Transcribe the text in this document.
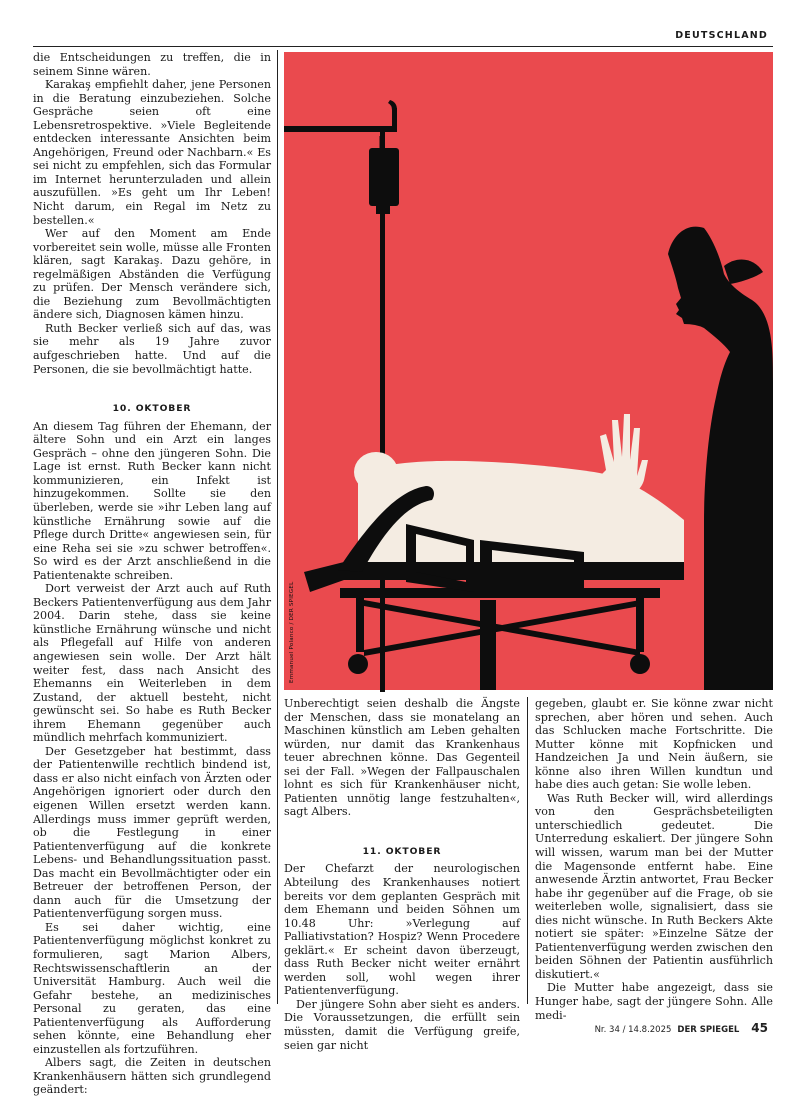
DEUTSCHLAND

die Entscheidungen zu treffen, die in seinem Sinne wären.

Karakaş empfiehlt daher, jene Personen in die Beratung einzubeziehen. Solche Gespräche seien oft eine Lebensretrospektive. »Viele Begleitende entdecken interessante Ansichten beim Angehörigen, Freund oder Nachbarn.« Es sei nicht zu empfehlen, sich das Formular im Internet herunterzuladen und allein auszufüllen. »Es geht um Ihr Leben! Nicht darum, ein Regal im Netz zu bestellen.«

Wer auf den Moment am Ende vorbereitet sein wolle, müsse alle Fronten klären, sagt Karakaş. Dazu gehöre, in regelmäßigen Abständen die Verfügung zu prüfen. Der Mensch verändere sich, die Beziehung zum Bevollmächtigten ändere sich, Diagnosen kämen hinzu.

Ruth Becker verließ sich auf das, was sie mehr als 19 Jahre zuvor aufgeschrieben hatte. Und auf die Personen, die sie bevollmächtigt hatte.

10. OKTOBER

An diesem Tag führen der Ehemann, der ältere Sohn und ein Arzt ein langes Gespräch – ohne den jüngeren Sohn. Die Lage ist ernst. Ruth Becker kann nicht kommunizieren, ein Infekt ist hinzugekommen. Sollte sie den überleben, werde sie »ihr Leben lang auf künstliche Ernährung sowie auf die Pflege durch Dritte« angewiesen sein, für eine Reha sei sie »zu schwer betroffen«. So wird es der Arzt anschließend in die Patientenakte schreiben.

Dort verweist der Arzt auch auf Ruth Beckers Patientenverfügung aus dem Jahr 2004. Darin stehe, dass sie keine künstliche Ernährung wünsche und nicht als Pflegefall auf Hilfe von anderen angewiesen sein wolle. Der Arzt hält weiter fest, dass nach Ansicht des Ehemanns ein Weiterleben in dem Zustand, der aktuell besteht, nicht gewünscht sei. So habe es Ruth Becker ihrem Ehemann gegenüber auch mündlich mehrfach kommuniziert.

Der Gesetzgeber hat bestimmt, dass der Patientenwille rechtlich bindend ist, dass er also nicht einfach von Ärzten oder Angehörigen ignoriert oder durch den eigenen Willen ersetzt werden kann. Allerdings muss immer geprüft werden, ob die Festlegung in einer Patientenverfügung auf die konkrete Lebens- und Behandlungssituation passt. Das macht ein Bevollmächtigter oder ein Betreuer der betroffenen Person, der dann auch für die Umsetzung der Patientenverfügung sorgen muss.

Es sei daher wichtig, eine Patientenverfügung möglichst konkret zu formulieren, sagt Marion Albers, Rechtswissenschaftlerin an der Universität Hamburg. Auch weil die Gefahr bestehe, an medizinisches Personal zu geraten, das eine Patientenverfügung als Aufforderung sehen könnte, eine Behandlung eher einzustellen als fortzuführen.

Albers sagt, die Zeiten in deutschen Krankenhäusern hätten sich grundlegend geändert:

Emmanuel Polanco / DER SPIEGEL

Unberechtigt seien deshalb die Ängste der Menschen, dass sie monatelang an Maschinen künstlich am Leben gehalten würden, nur damit das Krankenhaus teuer abrechnen könne. Das Gegenteil sei der Fall. »Wegen der Fallpauschalen lohnt es sich für Krankenhäuser nicht, Patienten unnötig lange festzuhalten«, sagt Albers.

11. OKTOBER

Der Chefarzt der neurologischen Abteilung des Krankenhauses notiert bereits vor dem geplanten Gespräch mit dem Ehemann und beiden Söhnen um 10.48 Uhr: »Verlegung auf Palliativstation? Hospiz? Wenn Procedere geklärt.« Er scheint davon überzeugt, dass Ruth Becker nicht weiter ernährt werden soll, wohl wegen ihrer Patientenverfügung.

Der jüngere Sohn aber sieht es anders. Die Voraussetzungen, die erfüllt sein müssten, damit die Verfügung greife, seien gar nicht

gegeben, glaubt er. Sie könne zwar nicht sprechen, aber hören und sehen. Auch das Schlucken mache Fortschritte. Die Mutter könne mit Kopfnicken und Handzeichen Ja und Nein äußern, sie könne also ihren Willen kundtun und habe dies auch getan: Sie wolle leben.

Was Ruth Becker will, wird allerdings von den Gesprächsbeteiligten unterschiedlich gedeutet. Die Unterredung eskaliert. Der jüngere Sohn will wissen, warum man bei der Mutter die Magensonde entfernt habe. Eine anwesende Ärztin antwortet, Frau Becker habe ihr gegenüber auf die Frage, ob sie weiterleben wolle, signalisiert, dass sie dies nicht wünsche. In Ruth Beckers Akte notiert sie später: »Einzelne Sätze der Patientenverfügung werden zwischen den beiden Söhnen der Patientin ausführlich diskutiert.«

Die Mutter habe angezeigt, dass sie Hunger habe, sagt der jüngere Sohn. Alle medi-

Nr. 34 / 14.8.2025 DER SPIEGEL 45
